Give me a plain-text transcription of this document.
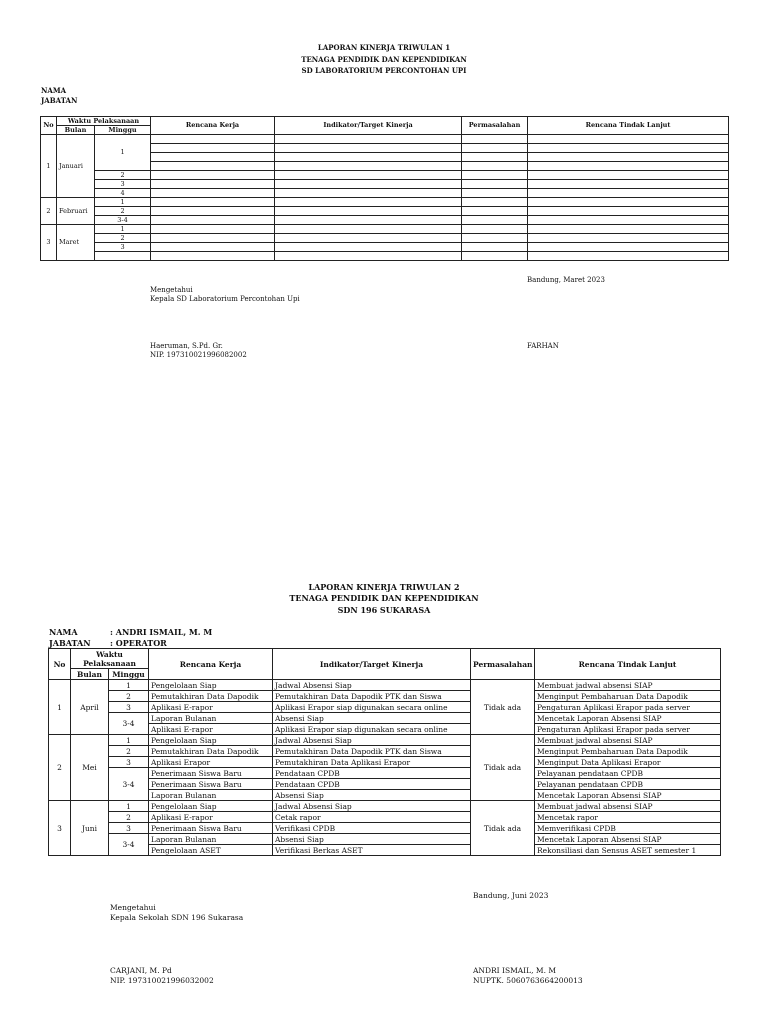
LAPORAN KINERJA TRIWULAN 1
TENAGA PENDIDIK DAN KEPENDIDIKAN
SD LABORATORIUM PERCONTOHAN UPI
NAMA
JABATAN
No	Waktu Pelaksanaan		Rencana Kerja	Indikator/Target Kinerja	Permasalahan	Rencana Tindak Lanjut
	Bulan	Minggu				
1	Januari	1				

		2				
		3				
		4				
2	Februari	1				
		2				
		3-4				
3	Maret	1				
		2				
		3				

Bandung, Maret 2023
Mengetahui
Kepala SD Laboratorium Percontohan Upi
Haeruman, S.Pd. Gr.
NIP. 197310021996082002
FARHAN
LAPORAN KINERJA TRIWULAN 2
TENAGA PENDIDIK DAN KEPENDIDIKAN
SDN 196 SUKARASA
NAMA	: ANDRI ISMAIL, M. M
JABATAN : OPERATOR
No	Waktu Pelaksanaan		Rencana Kerja	Indikator/Target Kinerja	Permasalahan	Rencana Tindak Lanjut
	Bulan	Minggu				
1	April	1	Pengelolaan Siap	Jadwal Absensi Siap	Tidak ada	Membuat jadwal absensi SIAP
		2	Pemutakhiran Data Dapodik	Pemutakhiran Data Dapodik PTK dan Siswa		Menginput Pembaharuan Data Dapodik
		3	Aplikasi E-rapor	Aplikasi Erapor siap digunakan secara online		Pengaturan Aplikasi Erapor pada server
		3-4	Laporan Bulanan	Absensi Siap		Mencetak Laporan Absensi SIAP
			Aplikasi E-rapor	Aplikasi Erapor siap digunakan secara online		Pengaturan Aplikasi Erapor pada server
2	Mei	1	Pengelolaan Siap	Jadwal Absensi Siap	Tidak ada	Membuat jadwal absensi SIAP
		2	Pemutakhiran Data Dapodik	Pemutakhiran Data Dapodik PTK dan Siswa		Menginput Pembaharuan Data Dapodik
		3	Aplikasi Erapor	Pemutakhiran Data Aplikasi Erapor		Menginput Data Aplikasi Erapor
		3-4	Penerimaan Siswa Baru	Pendataan CPDB		Pelayanan pendataan CPDB
			Penerimaan Siswa Baru	Pendataan CPDB		Pelayanan pendataan CPDB
			Laporan Bulanan	Absensi Siap		Mencetak Laporan Absensi SIAP
3	Juni	1	Pengelolaan Siap	Jadwal Absensi Siap	Tidak ada	Membuat jadwal absensi SIAP
		2	Aplikasi E-rapor	Cetak rapor		Mencetak rapor
		3	Penerimaan Siswa Baru	Verifikasi CPDB		Memverifikasi CPDB
		3-4	Laporan Bulanan	Absensi Siap		Mencetak Laporan Absensi SIAP
			Pengelolaan ASET	Verifikasi Berkas ASET		Rekonsiliasi dan Sensus ASET semester 1
Bandung, Juni 2023
Mengetahui
Kepala Sekolah SDN 196 Sukarasa
CARJANI, M. Pd
NIP. 197310021996032002
ANDRI ISMAIL, M. M
NUPTK. 5060763664200013
